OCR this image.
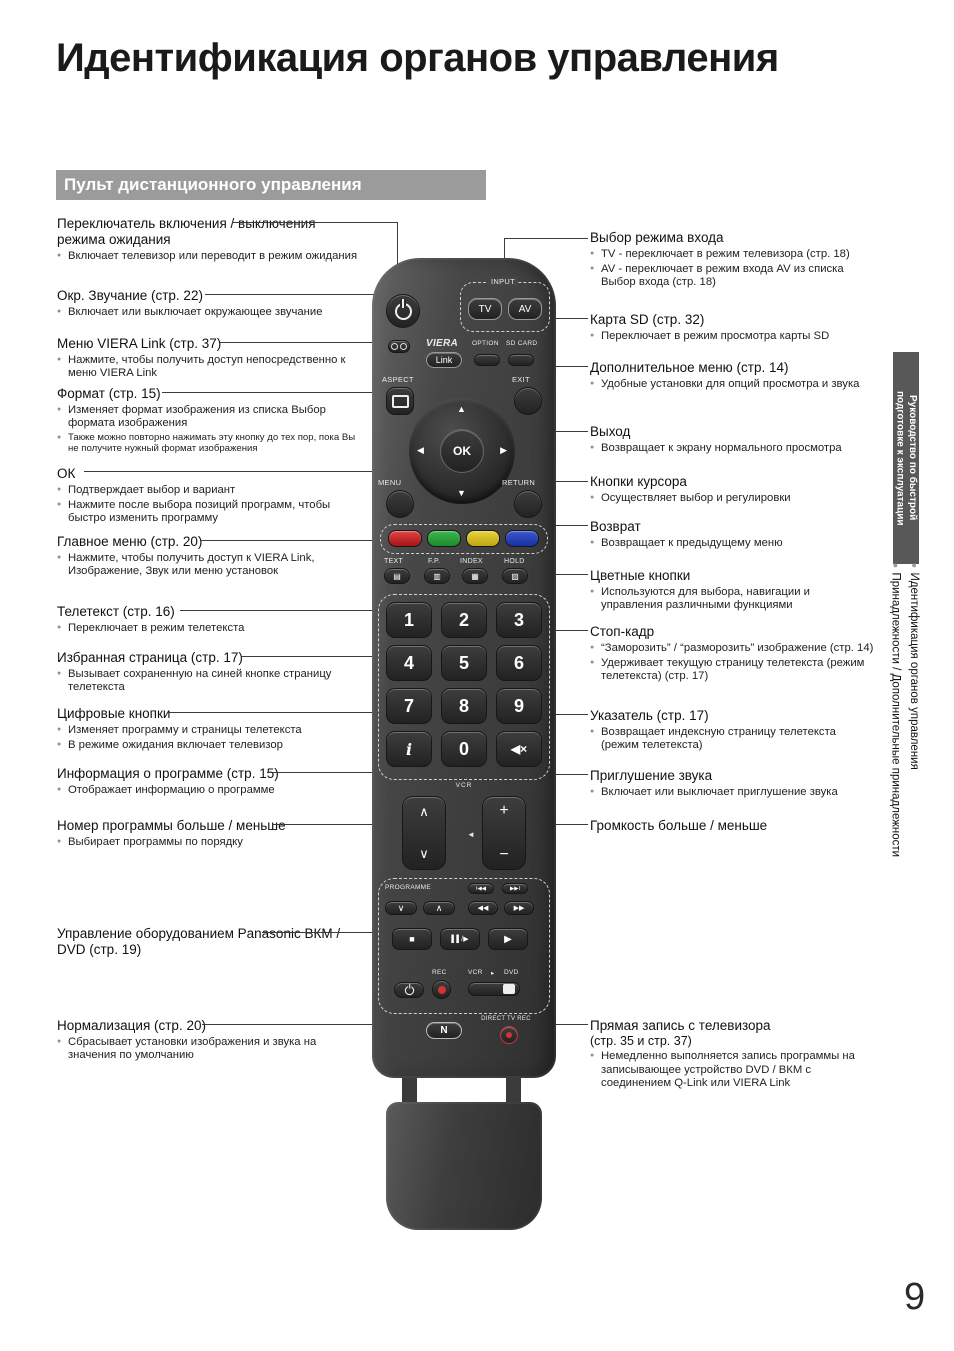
Идентификация органов управления
Пульт дистанционного управления
Переключатель включения / выключения режима ожидания
● Включает телевизор или переводит в режим ожидания
Окр. Звучание (стр. 22)
● Включает или выключает окружающее звучание
Меню VIERA Link (стр. 37)
● Нажмите, чтобы получить доступ непосредственно к меню VIERA Link
Формат (стр. 15)
● Изменяет формат изображения из списка Выбор формата изображения
● Также можно повторно нажимать эту кнопку до тех пор, пока Вы не получите нужный формат изображения
ОК
● Подтверждает выбор и вариант
● Нажмите после выбора позиций программ, чтобы быстро изменить программу
Главное меню (стр. 20)
● Нажмите, чтобы получить доступ к VIERA Link, Изображение, Звук или меню установок
Телетекст (стр. 16)
● Переключает в режим телетекста
Избранная страница (стр. 17)
● Вызывает сохраненную на синей кнопке страницу телетекста
Цифровые кнопки
● Изменяет программу и страницы телетекста
● В режиме ожидания включает телевизор
Информация о программе (стр. 15)
● Отображает информацию о программе
Номер программы больше / меньше
● Выбирает программы по порядку
Управление оборудованием Panasonic ВКМ / DVD (стр. 19)
Нормализация (стр. 20)
● Сбрасывает установки изображения и звука на значения по умолчанию
Выбор режима входа
● TV - переключает в режим телевизора (стр. 18)
● AV - переключает в режим входа AV из списка Выбор входа (стр. 18)
Карта SD (стр. 32)
● Переключает в режим просмотра карты SD
Дополнительное меню (стр. 14)
● Удобные установки для опций просмотра и звука
Выход
● Возвращает к экрану нормального просмотра
Кнопки курсора
● Осуществляет выбор и регулировки
Возврат
● Возвращает к предыдущему меню
Цветные кнопки
● Используются для выбора, навигации и управления различными функциями
Стоп-кадр
● “Заморозить” / “разморозить” изображение (стр. 14)
● Удерживает текущую страницу телетекста (режим телетекста) (стр. 17)
Указатель (стр. 17)
● Возвращает индексную страницу телетекста (режим телетекста)
Приглушение звука
● Включает или выключает приглушение звука
Громкость больше / меньше
Прямая запись с телевизора
(стр. 35 и стр. 37)
● Немедленно выполняется запись программы на записывающее устройство DVD / ВКМ с соединением Q-Link или VIERA Link
INPUT
TV	AV
VIERA OPTION SD CARD
Link
ASPECT	EXIT
▲
▼
◀	▶
OK
MENU	RETURN
TEXT	F.P.	INDEX	HOLD
▤	▥	▦	▨
1	2	3
4	5	6
7	8	9
i	0	◀×
VCR
∧
∨
◄
+
−
PROGRAMME	I◀◀	▶▶I
∨	∧	◀◀	▶▶
■	▌▌/▶	▶
REC	VCR ▸ DVD
N
DIRECT TV REC
Руководство по быстрой
подготовке к эксплуатации
● Идентификация органов управления
● Принадлежности / Дополнительные принадлежности
9
